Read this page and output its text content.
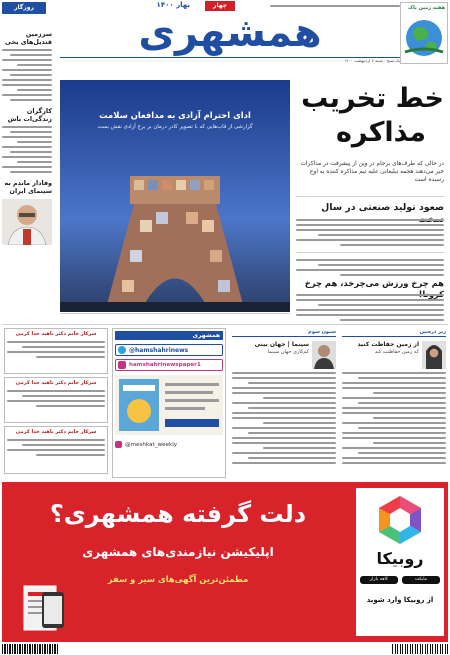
بهار ۱۴۰۰	چهار
همشهری
یک صبح · شنبه ۴ اردیبهشت ۱۴۰۰
هفته زمین پاک
روزگار
سرزمین قندیل‌های یخی
کارگران زندگی‌ات باش
وفادار ماندم به سینمای ایران
ادای احترام آزادی به مدافعان سلامت
گزارشی از قاب‌هایی که با تصویر کادر درمان بر برج آزادی نقش بست
خط تخریب
مذاکره
در حالی که طرف‌های برجام در وین از پیشرفت در مذاکرات خبر می‌دهند هجمه تبلیغاتی علیه تیم مذاکره کننده به اوج رسیده است
صعود تولید صنعتی در سال
هم چرخ ورزش می‌چرخد، هم چرخ
سرکار خانم دکتر ناهید خدا کرمی
سرکار خانم دکتر ناهید خدا کرمی
سرکار خانم دکتر ناهید خدا کرمی
همشهری
@hamshahrinews
hamshahrinewspaper1
@meshkat_weekly
ستون سوم
سینما | جهان بینی
کم‌کاری جهان سینما
زیر ذره‌بین
از زمین حفاظت کنید
که زمین حفاظتت کند
دلت گرفته همشهری؟
اپلیکیشن نیازمندی‌های همشهری
مطمئن‌ترین آگهی‌های سیر و سفر
روبیکا
کافه بازار	مایکت
از روبیکا وارد شوید
